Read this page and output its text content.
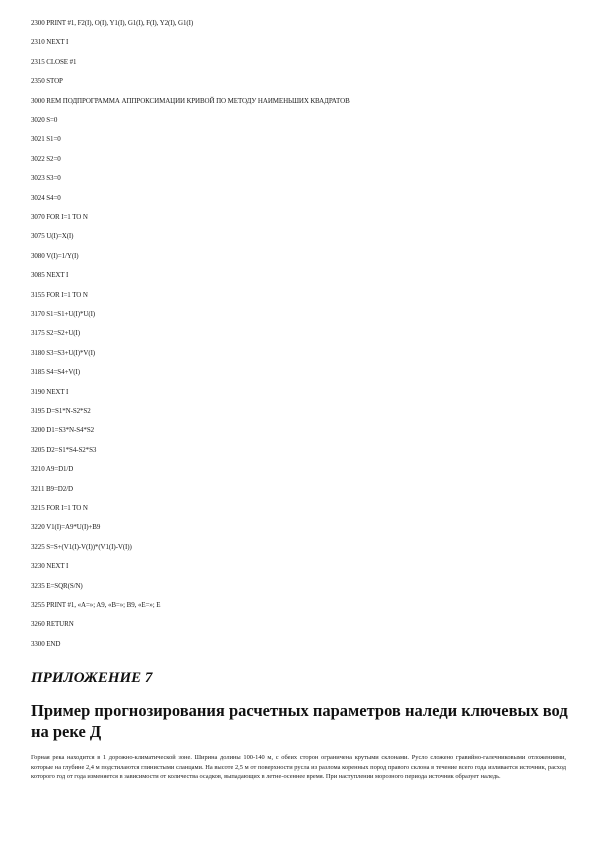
2300 PRINT #1, F2(I), O(I), Y1(I), G1(I), F(I), Y2(I), G1(I)
2310 NEXT I
2315 CLOSE #1
2350 STOP
3000 REM ПОДПРОГРАММА АППРОКСИМАЦИИ КРИВОЙ ПО МЕТОДУ НАИМЕНЬШИХ КВАДРАТОВ
3020 S=0
3021 S1=0
3022 S2=0
3023 S3=0
3024 S4=0
3070 FOR I=1 TO N
3075 U(I)=X(I)
3080 V(I)=1/Y(I)
3085 NEXT I
3155 FOR I=1 TO N
3170 S1=S1+U(I)*U(I)
3175 S2=S2+U(I)
3180 S3=S3+U(I)*V(I)
3185 S4=S4+V(I)
3190 NEXT I
3195 D=S1*N-S2*S2
3200 D1=S3*N-S4*S2
3205 D2=S1*S4-S2*S3
3210 A9=D1/D
3211 B9=D2/D
3215 FOR I=1 TO N
3220 V1(I)=A9*U(I)+B9
3225 S=S+(V1(I)-V(I))*(V1(I)-V(I))
3230 NEXT I
3235 E=SQR(S/N)
3255 PRINT #1, «A=»; A9, «B=»; B9, «E=»; E
3260 RETURN
3300 END
ПРИЛОЖЕНИЕ 7
Пример прогнозирования расчетных параметров наледи ключевых вод на реке Д
Горная река находится в 1 дорожно-климатической зоне. Ширина долины 100-140 м, с обеих сторон ограничена крутыми склонами. Русло сложено гравийно-галечниковыми отложениями, которые на глубине 2,4 м подстилаются глинистыми сланцами. На высоте 2,5 м от поверхности русла из разлома коренных пород правого склона в течение всего года изливается источник, расход которого год от года изменяется в зависимости от количества осадков, выпадающих в летне-осеннее время. При наступлении морозного периода источник образует наледь.
